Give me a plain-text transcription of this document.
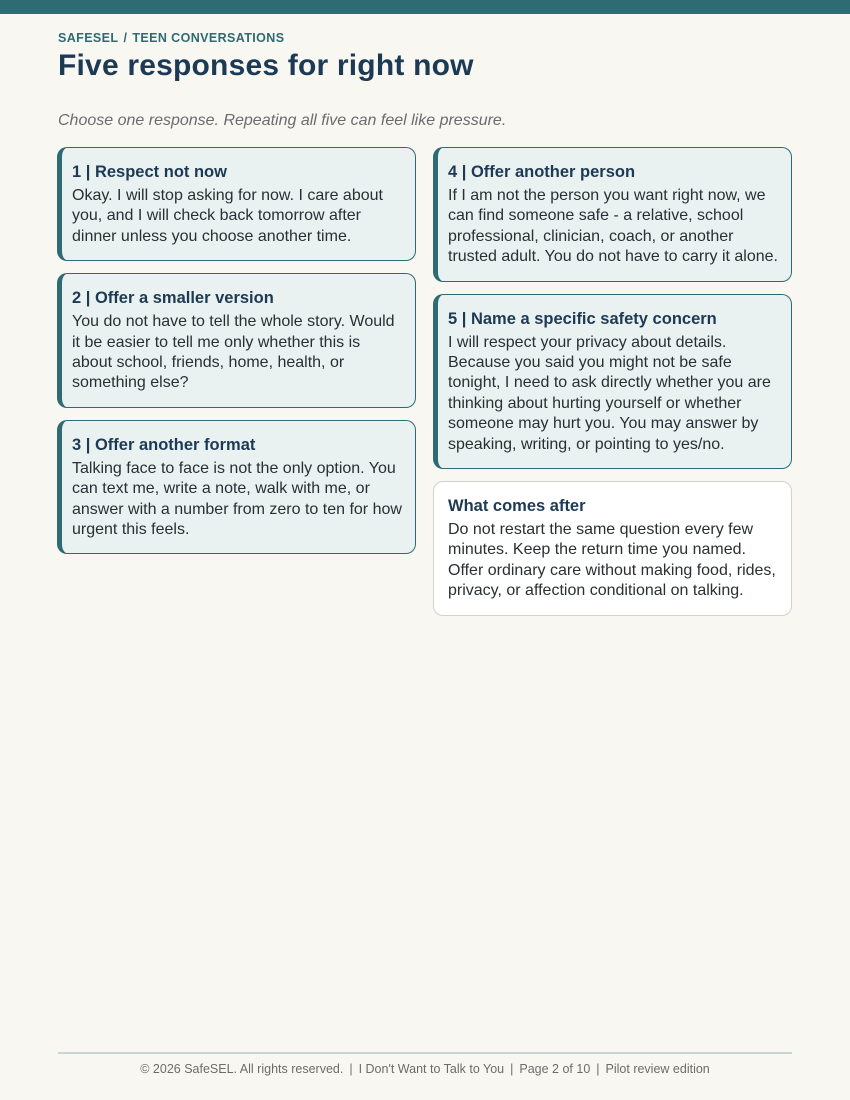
SAFESEL / TEEN CONVERSATIONS
Five responses for right now
Choose one response. Repeating all five can feel like pressure.
1 | Respect not now

Okay. I will stop asking for now. I care about you, and I will check back tomorrow after dinner unless you choose another time.

2 | Offer a smaller version

You do not have to tell the whole story. Would it be easier to tell me only whether this is about school, friends, home, health, or something else?

3 | Offer another format

Talking face to face is not the only option. You can text me, write a note, walk with me, or answer with a number from zero to ten for how urgent this feels.

4 | Offer another person

If I am not the person you want right now, we can find someone safe - a relative, school professional, clinician, coach, or another trusted adult. You do not have to carry it alone.

5 | Name a specific safety concern

I will respect your privacy about details. Because you said you might not be safe tonight, I need to ask directly whether you are thinking about hurting yourself or whether someone may hurt you. You may answer by speaking, writing, or pointing to yes/no.

What comes after

Do not restart the same question every few minutes. Keep the return time you named. Offer ordinary care without making food, rides, privacy, or affection conditional on talking.

© 2026 SafeSEL. All rights reserved. | I Don't Want to Talk to You | Page 2 of 10 | Pilot review edition
